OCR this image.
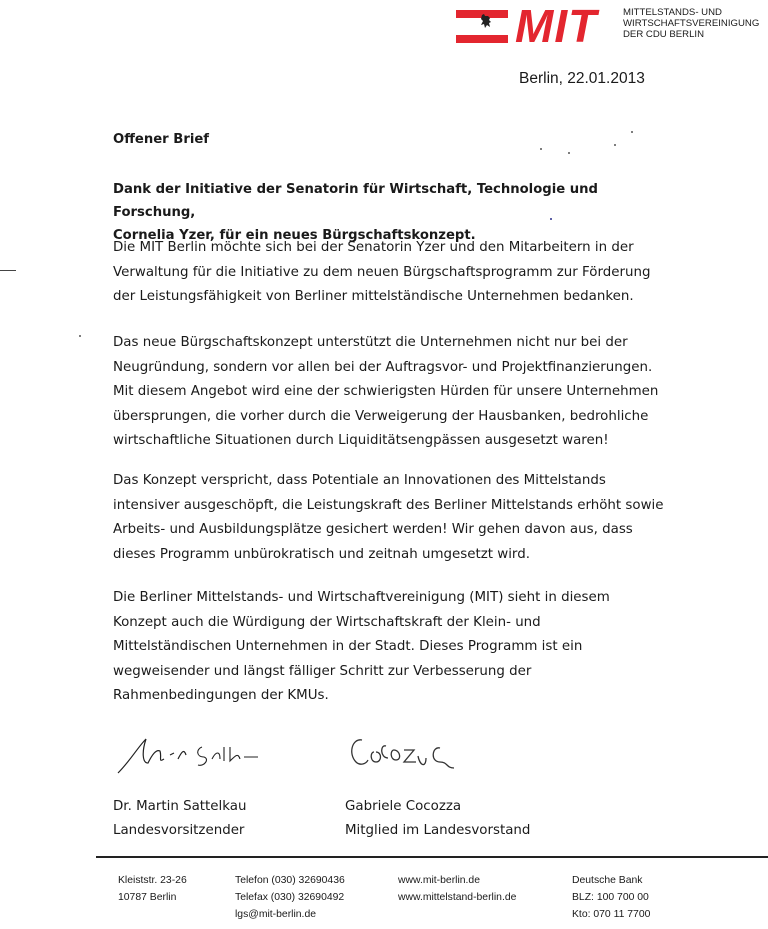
MIT	MITTELSTANDS- UND
WIRTSCHAFTSVEREINIGUNG
DER CDU BERLIN
Berlin, 22.01.2013
Offener Brief
Dank der Initiative der Senatorin für Wirtschaft, Technologie und Forschung,
Cornelia Yzer, für ein neues Bürgschaftskonzept.
Die MIT Berlin möchte sich bei der Senatorin Yzer und den Mitarbeitern in der
Verwaltung für die Initiative zu dem neuen Bürgschaftsprogramm zur Förderung
der Leistungsfähigkeit von Berliner mittelständische Unternehmen bedanken.
Das neue Bürgschaftskonzept unterstützt die Unternehmen nicht nur bei der
Neugründung, sondern vor allen bei der Auftragsvor- und Projektfinanzierungen.
Mit diesem Angebot wird eine der schwierigsten Hürden für unsere Unternehmen
übersprungen, die vorher durch die Verweigerung der Hausbanken, bedrohliche
wirtschaftliche Situationen durch Liquiditätsengpässen ausgesetzt waren!
Das Konzept verspricht, dass Potentiale an Innovationen des Mittelstands
intensiver ausgeschöpft, die Leistungskraft des Berliner Mittelstands erhöht sowie
Arbeits- und Ausbildungsplätze gesichert werden! Wir gehen davon aus, dass
dieses Programm unbürokratisch und zeitnah umgesetzt wird.
Die Berliner Mittelstands- und Wirtschaftvereinigung (MIT) sieht in diesem
Konzept auch die Würdigung der Wirtschaftskraft der Klein- und
Mittelständischen Unternehmen in der Stadt. Dieses Programm ist ein
wegweisender und längst fälliger Schritt zur Verbesserung der
Rahmenbedingungen der KMUs.
Dr. Martin Sattelkau
Landesvorsitzender
Gabriele Cocozza
Mitglied im Landesvorstand
Kleiststr. 23-26
10787 Berlin
Telefon (030) 32690436
Telefax (030) 32690492
lgs@mit-berlin.de
www.mit-berlin.de
www.mittelstand-berlin.de
Deutsche Bank
BLZ: 100 700 00
Kto: 070 11 7700
